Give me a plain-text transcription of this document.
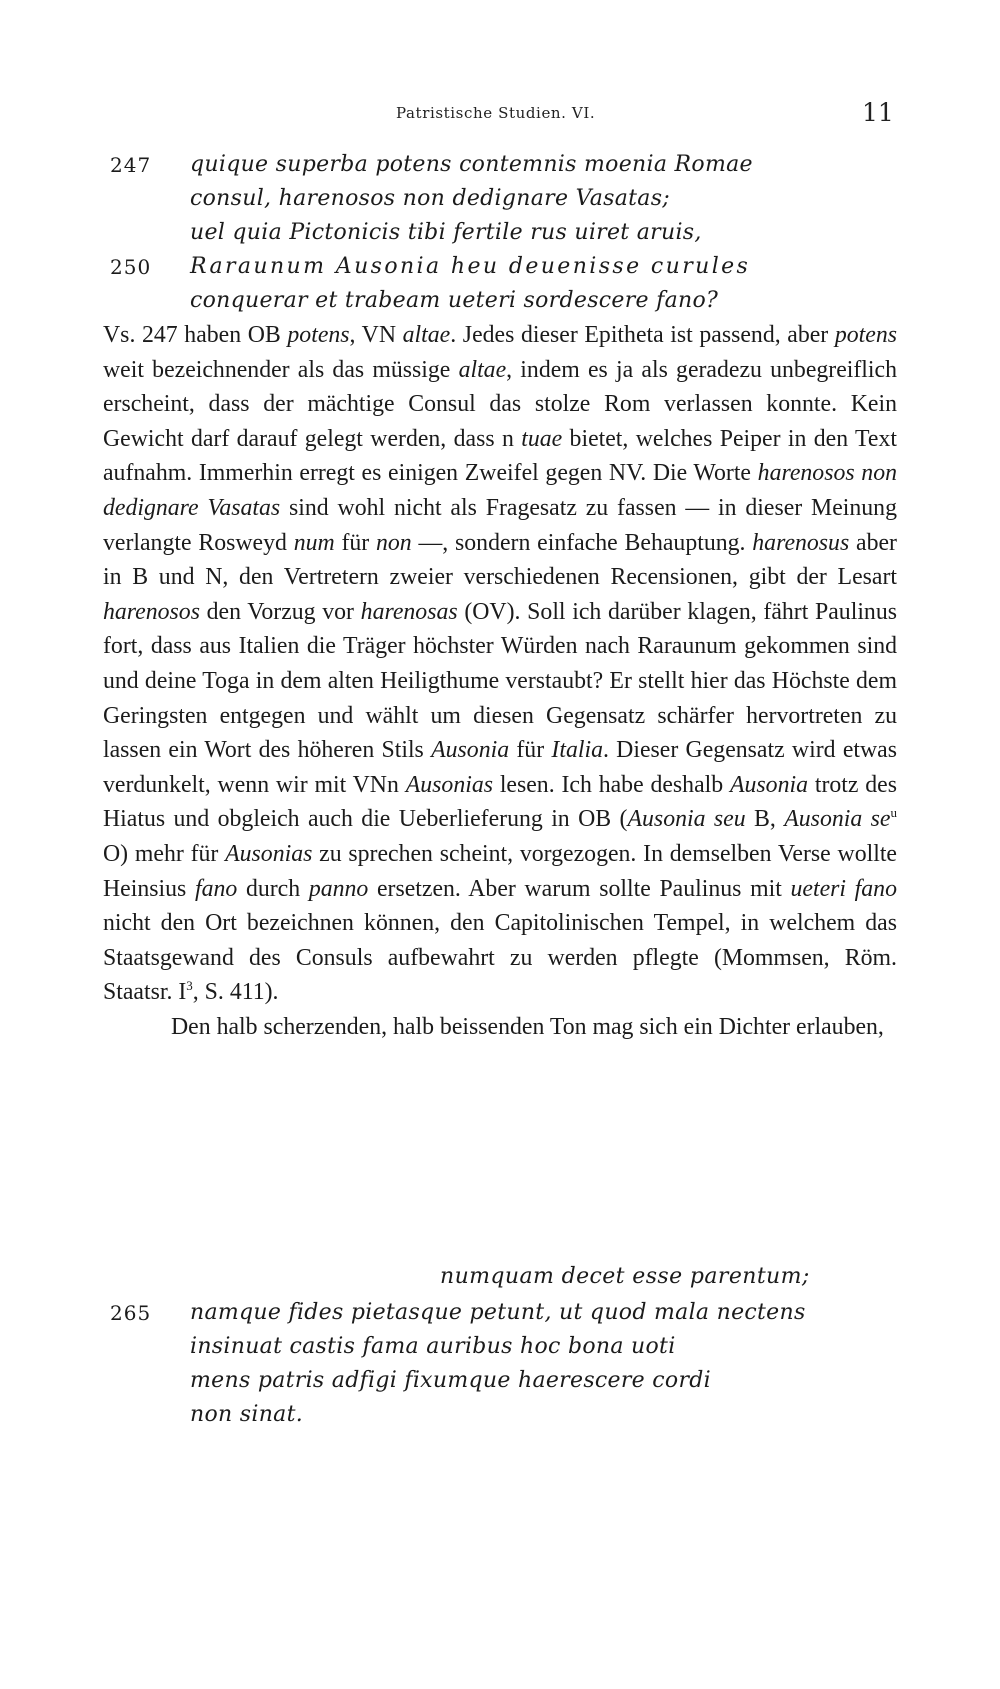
Patristische Studien. VI.	11
247 quique superba potens contemnis moenia Romae
consul, harenosos non dedignare Vasatas;
uel quia Pictonicis tibi fertile rus uiret aruis,
250 Raraunum Ausonia heu deuenisse curules
conquerar et trabeam ueteri sordescere fano?

Vs. 247 haben OB potens, VN altae. Jedes dieser Epitheta ist passend, aber potens weit bezeichnender als das müssige altae, indem es ja als geradezu unbegreiflich erscheint, dass der mächtige Consul das stolze Rom verlassen konnte. Kein Gewicht darf darauf gelegt werden, dass n tuae bietet, welches Peiper in den Text aufnahm. Immerhin erregt es einigen Zweifel gegen NV. Die Worte harenosos non dedignare Vasatas sind wohl nicht als Fragesatz zu fassen — in dieser Meinung verlangte Rosweyd num für non —, sondern einfache Behauptung. harenosus aber in B und N, den Vertretern zweier verschiedenen Recensionen, gibt der Lesart harenosos den Vorzug vor harenosas (OV). Soll ich darüber klagen, fährt Paulinus fort, dass aus Italien die Träger höchster Würden nach Raraunum gekommen sind und deine Toga in dem alten Heiligthume verstaubt? Er stellt hier das Höchste dem Geringsten entgegen und wählt um diesen Gegensatz schärfer hervortreten zu lassen ein Wort des höheren Stils Ausonia für Italia. Dieser Gegensatz wird etwas verdunkelt, wenn wir mit VNn Ausonias lesen. Ich habe deshalb Ausonia trotz des Hiatus und obgleich auch die Ueberlieferung in OB (Ausonia seu B, Ausonia $se^u$ O) mehr für Ausonias zu sprechen scheint, vorgezogen. In demselben Verse wollte Heinsius fano durch panno ersetzen. Aber warum sollte Paulinus mit ueteri fano nicht den Ort bezeichnen können, den Capitolinischen Tempel, in welchem das Staatsgewand des Consuls aufbewahrt zu werden pflegte (Mommsen, Röm. Staatsr. $I^3$, S. 411).

Den halb scherzenden, halb beissenden Ton mag sich ein Dichter erlauben,

numquam decet esse parentum;
265 namque fides pietasque petunt, ut quod mala nectens
insinuat castis fama auribus hoc bona uoti
mens patris adfigi fixumque haerescere cordi
non sinat.
